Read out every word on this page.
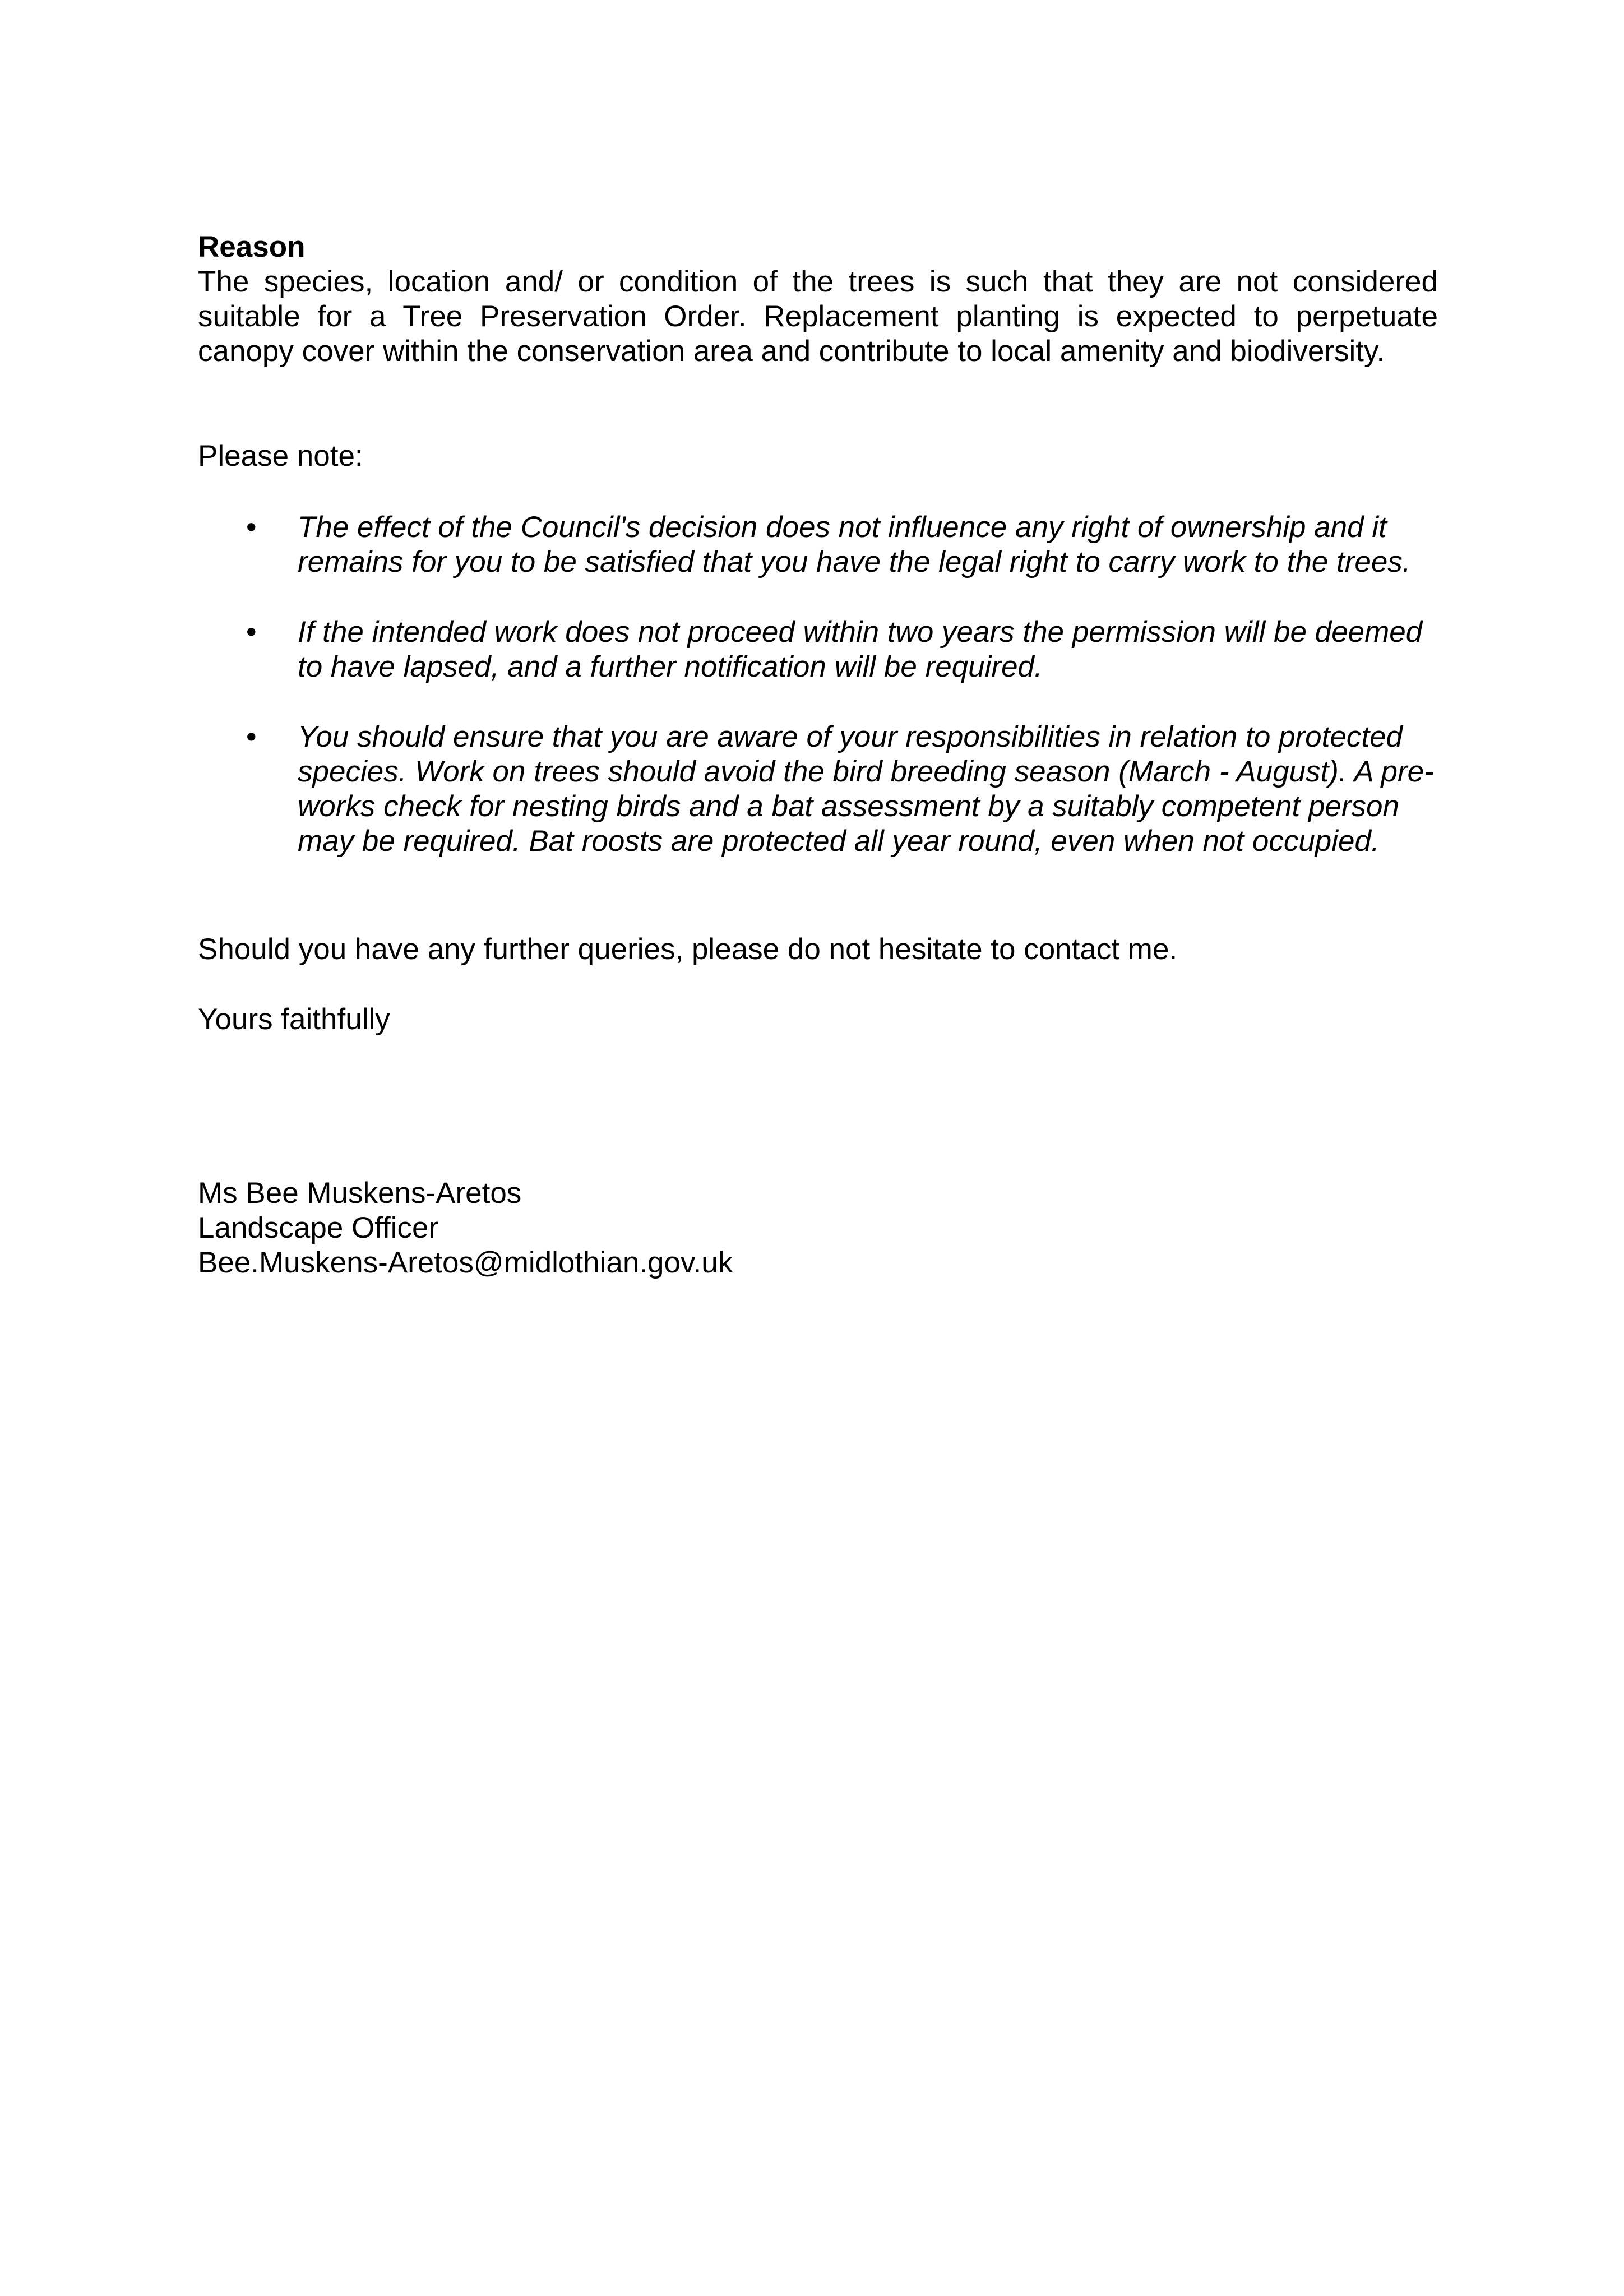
Reason

The species, location and/ or condition of the trees is such that they are not considered suitable for a Tree Preservation Order. Replacement planting is expected to perpetuate canopy cover within the conservation area and contribute to local amenity and biodiversity.

Please note:

• The effect of the Council's decision does not influence any right of ownership and it remains for you to be satisfied that you have the legal right to carry work to the trees.
• If the intended work does not proceed within two years the permission will be deemed to have lapsed, and a further notification will be required.
• You should ensure that you are aware of your responsibilities in relation to protected species. Work on trees should avoid the bird breeding season (March - August). A pre-works check for nesting birds and a bat assessment by a suitably competent person may be required. Bat roosts are protected all year round, even when not occupied.

Should you have any further queries, please do not hesitate to contact me.

Yours faithfully

Ms Bee Muskens-Aretos
Landscape Officer
Bee.Muskens-Aretos@midlothian.gov.uk
